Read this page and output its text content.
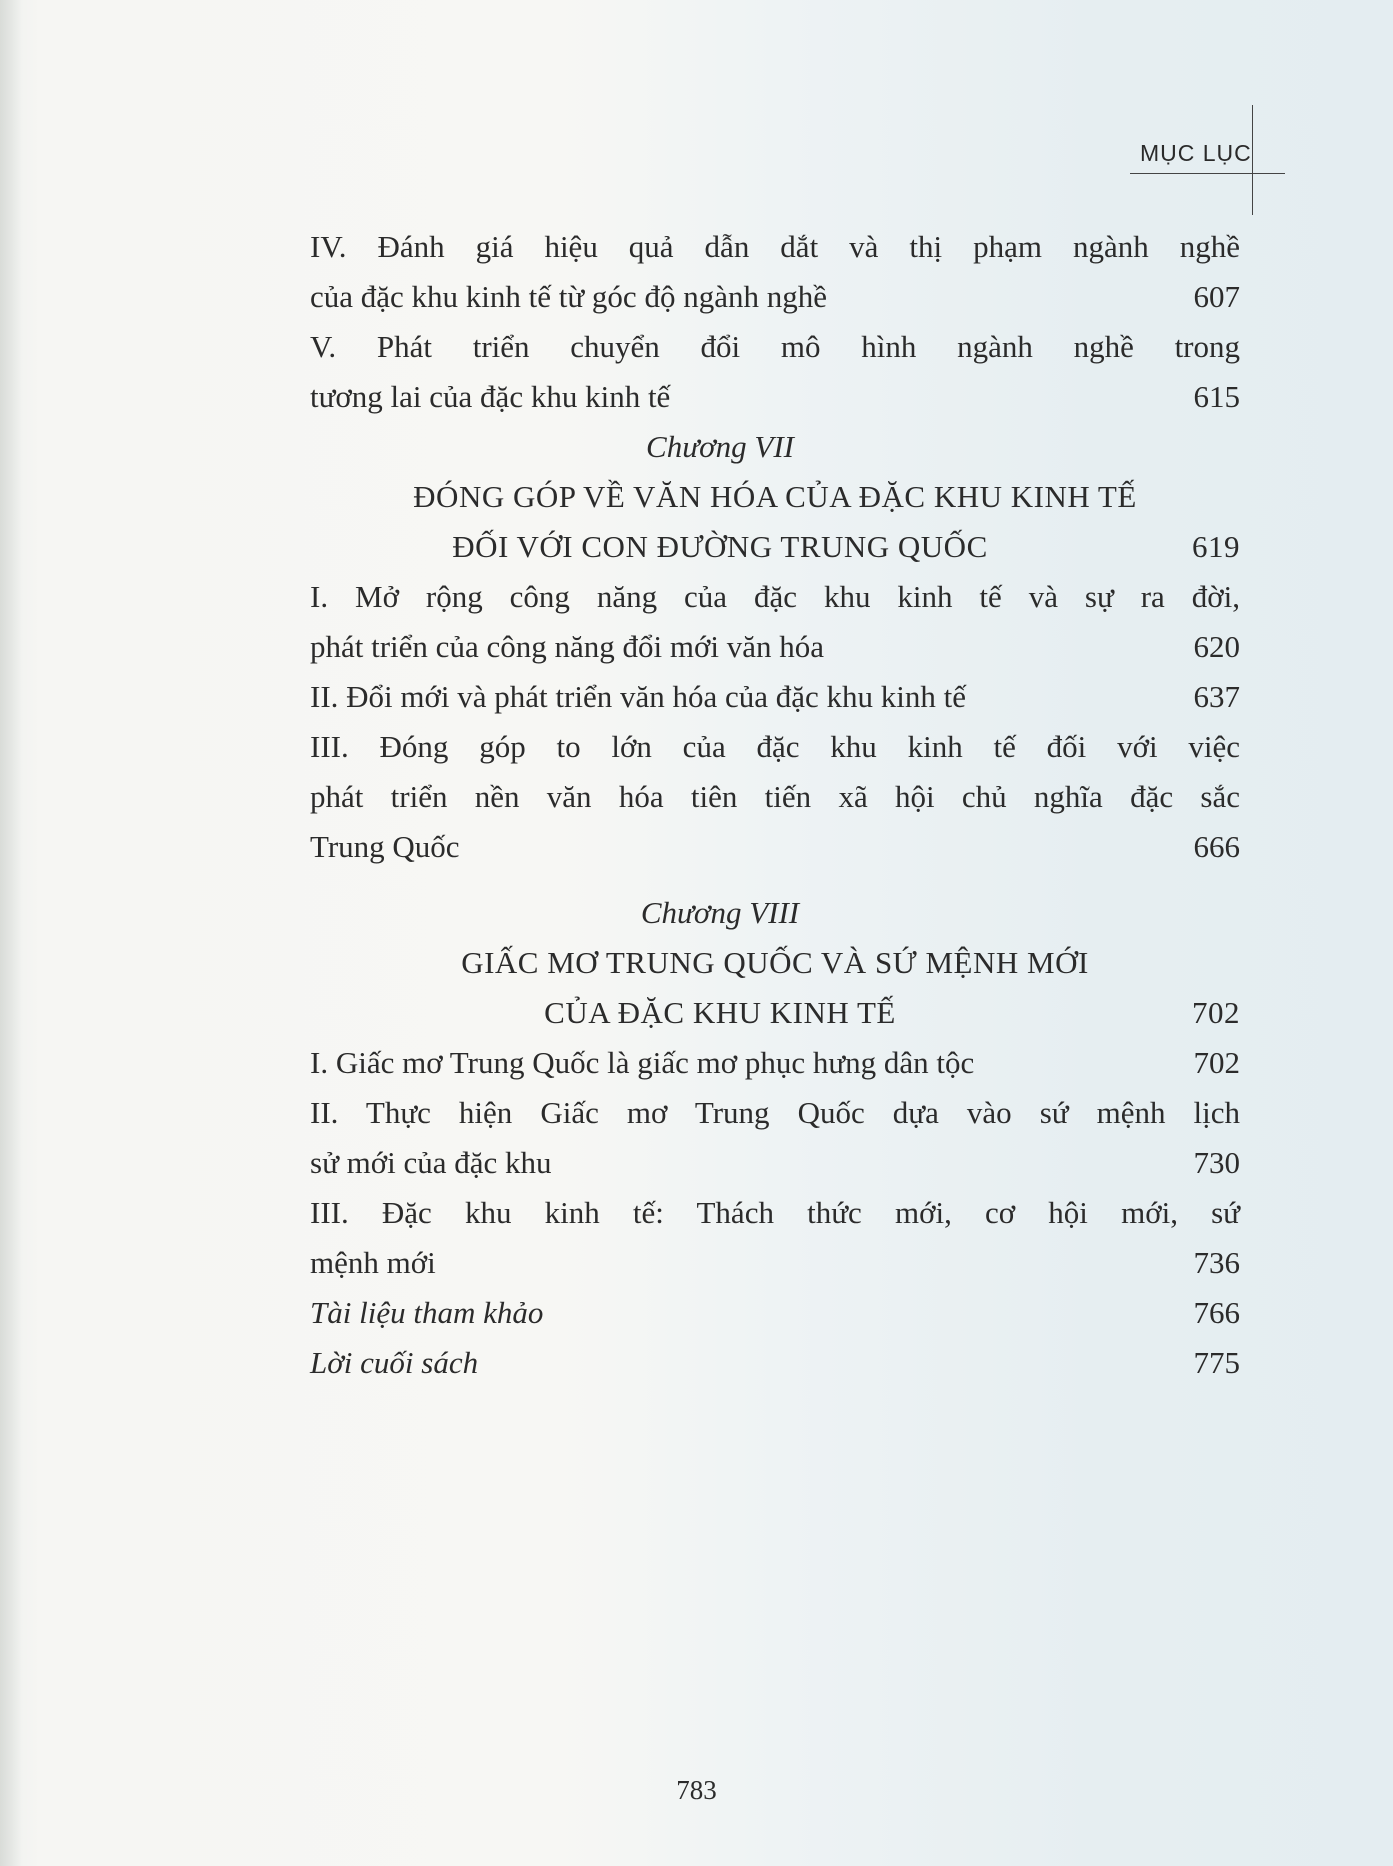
MỤC LỤC
IV. Đánh giá hiệu quả dẫn dắt và thị phạm ngành nghề
của đặc khu kinh tế từ góc độ ngành nghề	607
V. Phát triển chuyển đổi mô hình ngành nghề trong
tương lai của đặc khu kinh tế	615
Chương VII
ĐÓNG GÓP VỀ VĂN HÓA CỦA ĐẶC KHU KINH TẾ
ĐỐI VỚI CON ĐƯỜNG TRUNG QUỐC	619
I. Mở rộng công năng của đặc khu kinh tế và sự ra đời,
phát triển của công năng đổi mới văn hóa	620
II. Đổi mới và phát triển văn hóa của đặc khu kinh tế	637
III. Đóng góp to lớn của đặc khu kinh tế đối với việc
phát triển nền văn hóa tiên tiến xã hội chủ nghĩa đặc sắc
Trung Quốc	666
Chương VIII
GIẤC MƠ TRUNG QUỐC VÀ SỨ MỆNH MỚI
CỦA ĐẶC KHU KINH TẾ	702
I. Giấc mơ Trung Quốc là giấc mơ phục hưng dân tộc	702
II. Thực hiện Giấc mơ Trung Quốc dựa vào sứ mệnh lịch
sử mới của đặc khu	730
III. Đặc khu kinh tế: Thách thức mới, cơ hội mới, sứ
mệnh mới	736
Tài liệu tham khảo	766
Lời cuối sách	775
783
